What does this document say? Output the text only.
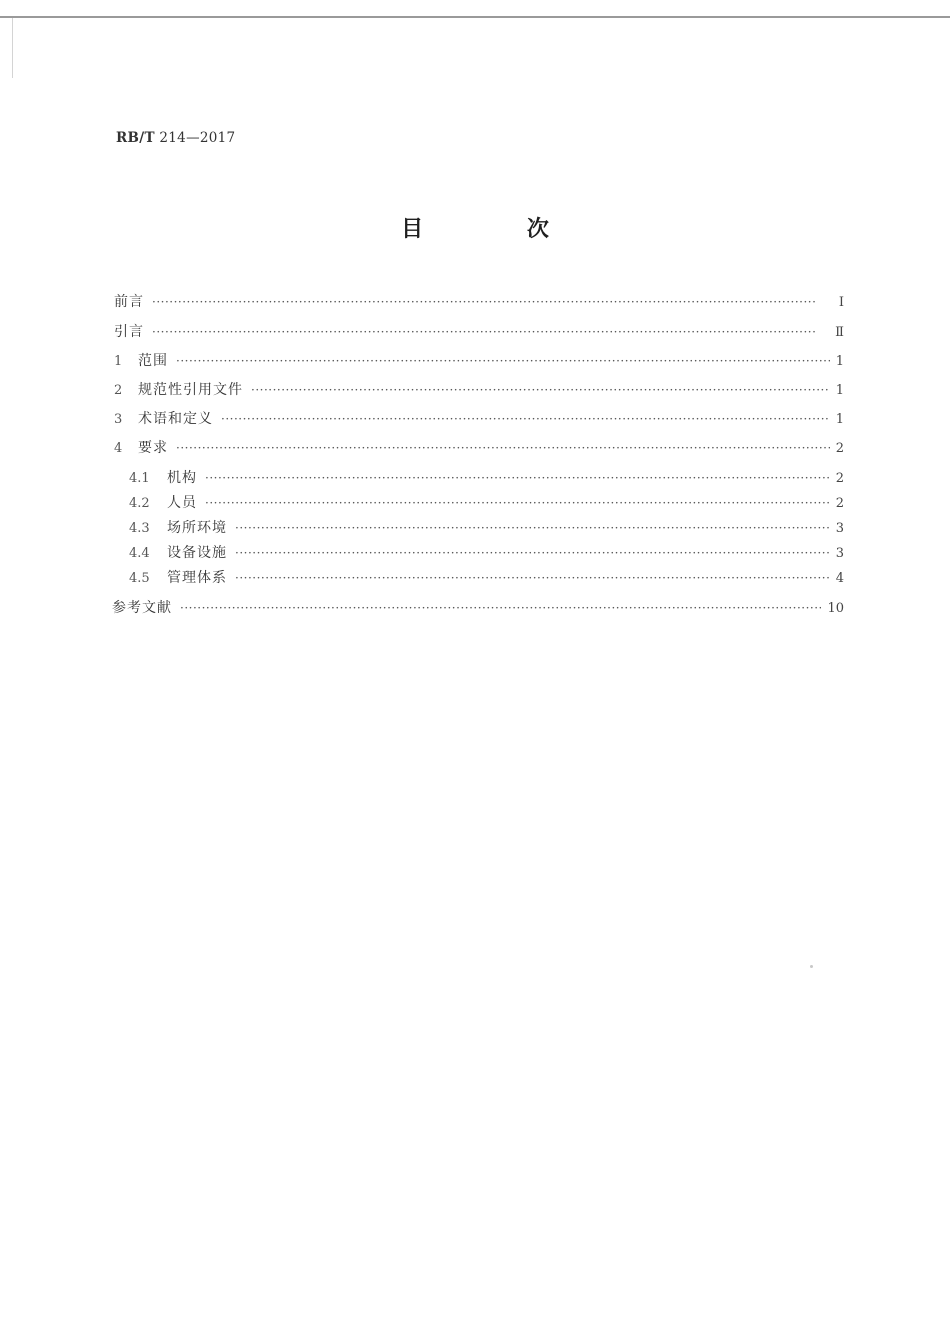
RB/T 214—2017
目 次
前言 ·····	Ⅰ
引言 ·····	Ⅱ
1	范围 ·····	1
2	规范性引用文件 ·····	1
3	术语和定义 ·····	1
4	要求 ·····	2
4.1	机构 ·····	2
4.2	人员 ·····	2
4.3	场所环境 ·····	3
4.4	设备设施 ·····	3
4.5	管理体系 ·····	4
参考文献 ·····	10
